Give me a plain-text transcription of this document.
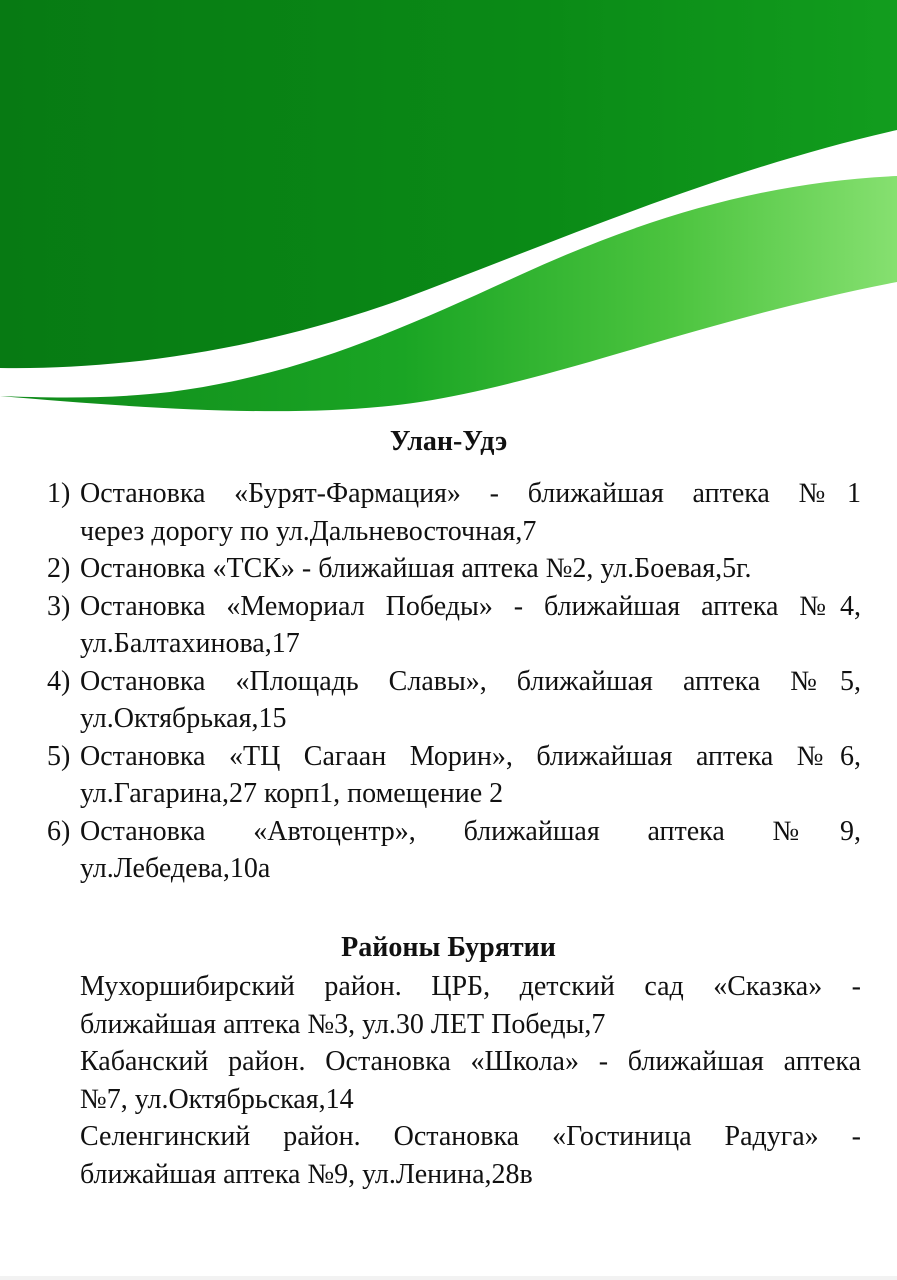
Улан-Удэ
1) Остановка «Бурят-Фармация» - ближайшая аптека №1
через дорогу по ул.Дальневосточная,7
2) Остановка «ТСК» - ближайшая аптека №2, ул.Боевая,5г.
3) Остановка «Мемориал Победы» - ближайшая аптека №4,
ул.Балтахинова,17
4) Остановка «Площадь Славы», ближайшая аптека №5,
ул.Октябрькая,15
5) Остановка «ТЦ Сагаан Морин», ближайшая аптека №6,
ул.Гагарина,27 корп1, помещение 2
6) Остановка «Автоцентр», ближайшая аптека №9,
ул.Лебедева,10а
Районы Бурятии
Мухоршибирский район. ЦРБ, детский сад «Сказка» -
ближайшая аптека №3, ул.30 ЛЕТ Победы,7
Кабанский район. Остановка «Школа» - ближайшая аптека
№7, ул.Октябрьская,14
Селенгинский район. Остановка «Гостиница Радуга» -
ближайшая аптека №9, ул.Ленина,28в
